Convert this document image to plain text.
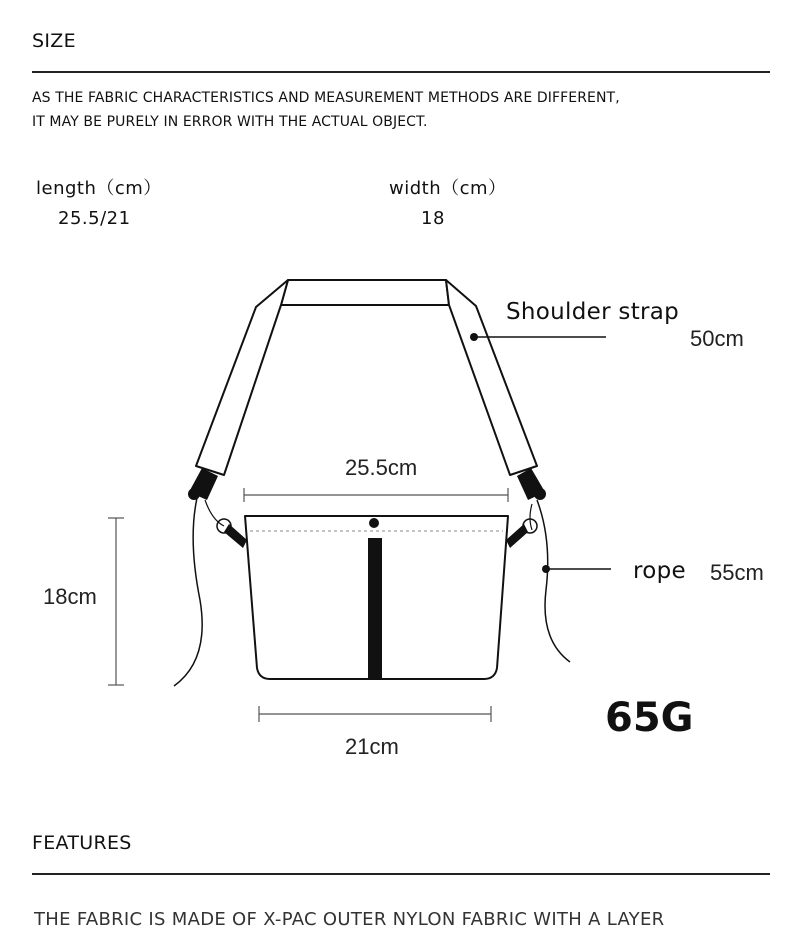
SIZE
AS THE FABRIC CHARACTERISTICS AND MEASUREMENT METHODS ARE DIFFERENT,
IT MAY BE PURELY IN ERROR WITH THE ACTUAL OBJECT.
length（cm）
25.5/21
width（cm）
18
Shoulder strap
50cm
25.5cm
18cm
21cm
rope 55cm
65G
FEATURES
THE FABRIC IS MADE OF X-PAC OUTER NYLON FABRIC WITH A LAYER
